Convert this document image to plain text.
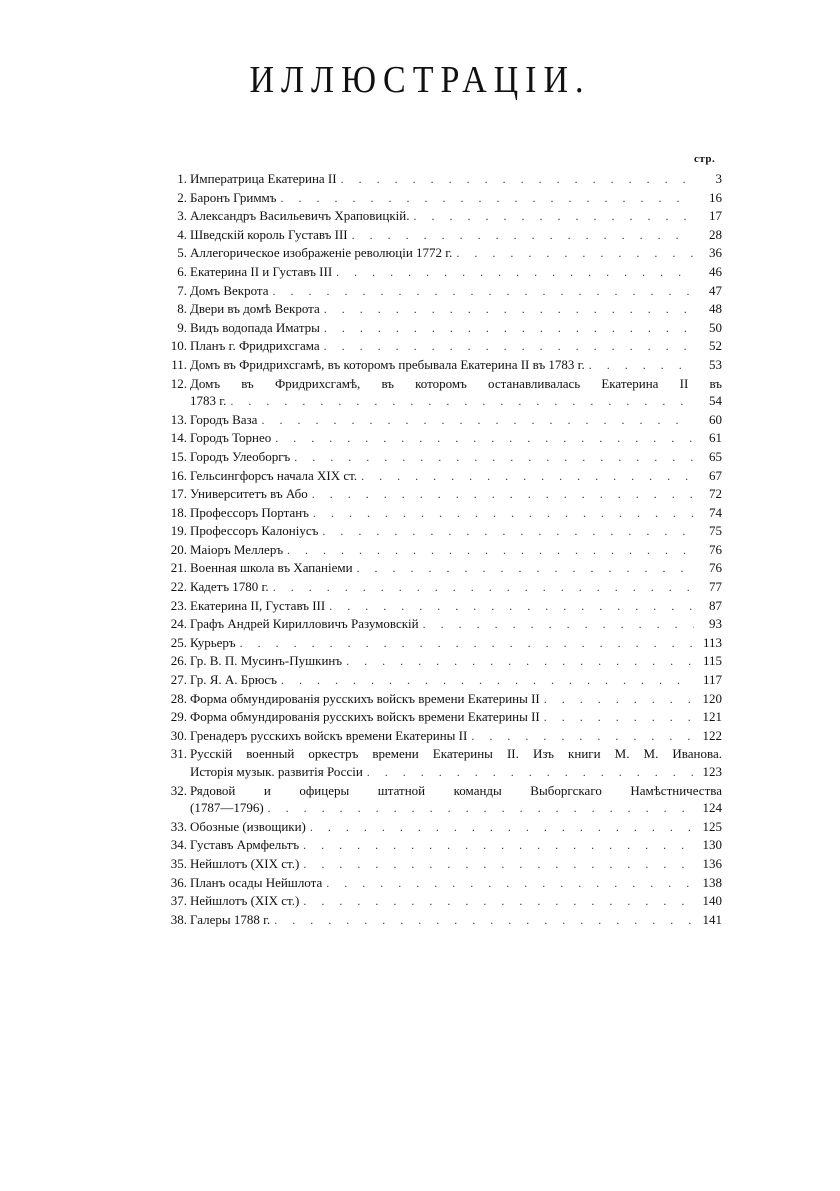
ИЛЛЮСТРАЦIИ.
стр.
1. Императрица Екатерина II . . .	3
2. Баронъ Гриммъ . . .	16
3. Александръ Васильевичъ Храповицкiй. . . .	17
4. Шведскiй король Густавъ III . . .	28
5. Аллегорическое изображенiе революцiи 1772 г. . . .	36
6. Екатерина II и Густавъ III . . .	46
7. Домъ Векрота . . .	47
8. Двери въ домѣ Векрота . . .	48
9. Видъ водопада Иматры . . .	50
10. Планъ г. Фридрихсгама . . .	52
11. Домъ въ Фридрихсгамѣ, въ которомъ пребывала Екатерина II въ 1783 г. . . .	53
12. Домъ въ Фридрихсгамѣ, въ которомъ останавливалась Екатерина II въ
1783 г. . . .	54
13. Городъ Ваза . . .	60
14. Городъ Торнео . . .	61
15. Городъ Улеоборгъ . . .	65
16. Гельсингфорсъ начала XIX ст. . . .	67
17. Университетъ въ Або . . .	72
18. Профессоръ Портанъ . . .	74
19. Профессоръ Калонiусъ . . .	75
20. Маiоръ Меллеръ . . .	76
21. Военная школа въ Хапанiеми . . .	76
22. Кадетъ 1780 г. . . .	77
23. Екатерина II, Густавъ III . . .	87
24. Графъ Андрей Кирилловичъ Разумовскiй . . .	93
25. Курьеръ . . .	113
26. Гр. В. П. Мусинъ-Пушкинъ . . .	115
27. Гр. Я. А. Брюсъ . . .	117
28. Форма обмундированiя русскихъ войскъ времени Екатерины II . . .	120
29. Форма обмундированiя русскихъ войскъ времени Екатерины II . . .	121
30. Гренадеръ русскихъ войскъ времени Екатерины II . . .	122
31. Русскiй военный оркестръ времени Екатерины II. Изъ книги М. М. Иванова.
Исторiя музык. развитiя Россiи . . .	123
32. Рядовой и офицеры штатной команды Выборгскаго Намѣстничества
(1787—1796) . . .	124
33. Обозные (извощики) . . .	125
34. Густавъ Армфельтъ . . .	130
35. Нейшлотъ (XIX ст.) . . .	136
36. Планъ осады Нейшлота . . .	138
37. Нейшлотъ (XIX ст.) . . .	140
38. Галеры 1788 г. . . .	141
